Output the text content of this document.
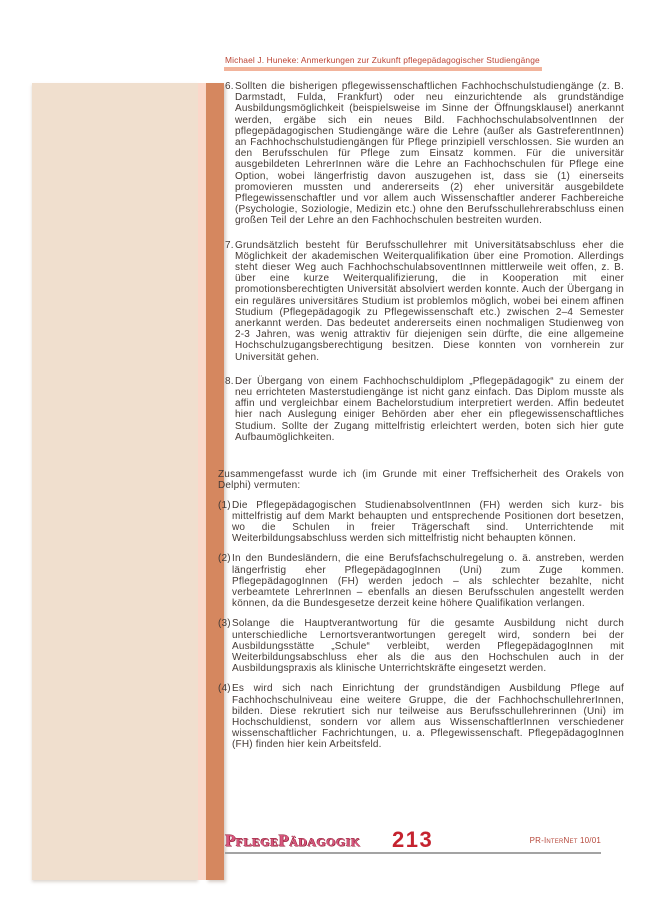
Michael J. Huneke: Anmerkungen zur Zukunft pflegepädagogischer Studiengänge
6.Sollten die bisherigen pflegewissenschaftlichen Fachhochschulstudiengänge (z. B. Darmstadt, Fulda, Frankfurt) oder neu einzurichtende als grundständige Ausbildungsmöglichkeit (beispielsweise im Sinne der Öffnungsklausel) anerkannt werden, ergäbe sich ein neues Bild. FachhochschulabsolventInnen der pflegepädagogischen Studiengänge wäre die Lehre (außer als GastreferentInnen) an Fachhochschulstudiengängen für Pflege prinzipiell verschlossen. Sie wurden an den Berufsschulen für Pflege zum Einsatz kommen. Für die universitär ausgebildeten LehrerInnen wäre die Lehre an Fachhochschulen für Pflege eine Option, wobei längerfristig davon auszugehen ist, dass sie (1) einerseits promovieren mussten und andererseits (2) eher universitär ausgebildete Pflegewissenschaftler und vor allem auch Wissenschaftler anderer Fachbereiche (Psychologie, Soziologie, Medizin etc.) ohne den Berufsschullehrerabschluss einen großen Teil der Lehre an den Fachhochschulen bestreiten wurden.
7.Grundsätzlich besteht für Berufsschullehrer mit Universitätsabschluss eher die Möglichkeit der akademischen Weiterqualifikation über eine Promotion. Allerdings steht dieser Weg auch FachhochschulabsoventInnen mittlerweile weit offen, z. B. über eine kurze Weiterqualifizierung, die in Kooperation mit einer promotionsberechtigten Universität absolviert werden konnte. Auch der Übergang in ein reguläres universitäres Studium ist problemlos möglich, wobei bei einem affinen Studium (Pflegepädagogik zu Pflegewissenschaft etc.) zwischen 2–4 Semester anerkannt werden. Das bedeutet andererseits einen nochmaligen Studienweg von 2-3 Jahren, was wenig attraktiv für diejenigen sein dürfte, die eine allgemeine Hochschulzugangsberechtigung besitzen. Diese konnten von vornherein zur Universität gehen.
8.Der Übergang von einem Fachhochschuldiplom „Pflegepädagogik“ zu einem der neu errichteten Masterstudiengänge ist nicht ganz einfach. Das Diplom musste als affin und vergleichbar einem Bachelorstudium interpretiert werden. Affin bedeutet hier nach Auslegung einiger Behörden aber eher ein pflegewissenschaftliches Studium. Sollte der Zugang mittelfristig erleichtert werden, boten sich hier gute Aufbaumöglichkeiten.
Zusammengefasst wurde ich (im Grunde mit einer Treffsicherheit des Orakels von Delphi) vermuten:
(1)Die Pflegepädagogischen StudienabsolventInnen (FH) werden sich kurz- bis mittelfristig auf dem Markt behaupten und entsprechende Positionen dort besetzen, wo die Schulen in freier Trägerschaft sind. Unterrichtende mit Weiterbildungsabschluss werden sich mittelfristig nicht behaupten können.
(2)In den Bundesländern, die eine Berufsfachschulregelung o. ä. anstreben, werden längerfristig eher PflegepädagogInnen (Uni) zum Zuge kommen. PflegepädagogInnen (FH) werden jedoch – als schlechter bezahlte, nicht verbeamtete LehrerInnen – ebenfalls an diesen Berufsschulen angestellt werden können, da die Bundesgesetze derzeit keine höhere Qualifikation verlangen.
(3)Solange die Hauptverantwortung für die gesamte Ausbildung nicht durch unterschiedliche Lernortsverantwortungen geregelt wird, sondern bei der Ausbildungsstätte „Schule“ verbleibt, werden PflegepädagogInnen mit Weiterbildungsabschluss eher als die aus den Hochschulen auch in der Ausbildungspraxis als klinische Unterrichtskräfte eingesetzt werden.
(4)Es wird sich nach Einrichtung der grundständigen Ausbildung Pflege auf Fachhochschulniveau eine weitere Gruppe, die der FachhochschullehrerInnen, bilden. Diese rekrutiert sich nur teilweise aus Berufsschullehrerinnen (Uni) im Hochschuldienst, sondern vor allem aus WissenschaftlerInnen verschiedener wissenschaftlicher Fachrichtungen, u. a. Pflegewissenschaft. PflegepädagogInnen (FH) finden hier kein Arbeitsfeld.
PflegePädagogik 213	PR-InterNet 10/01
